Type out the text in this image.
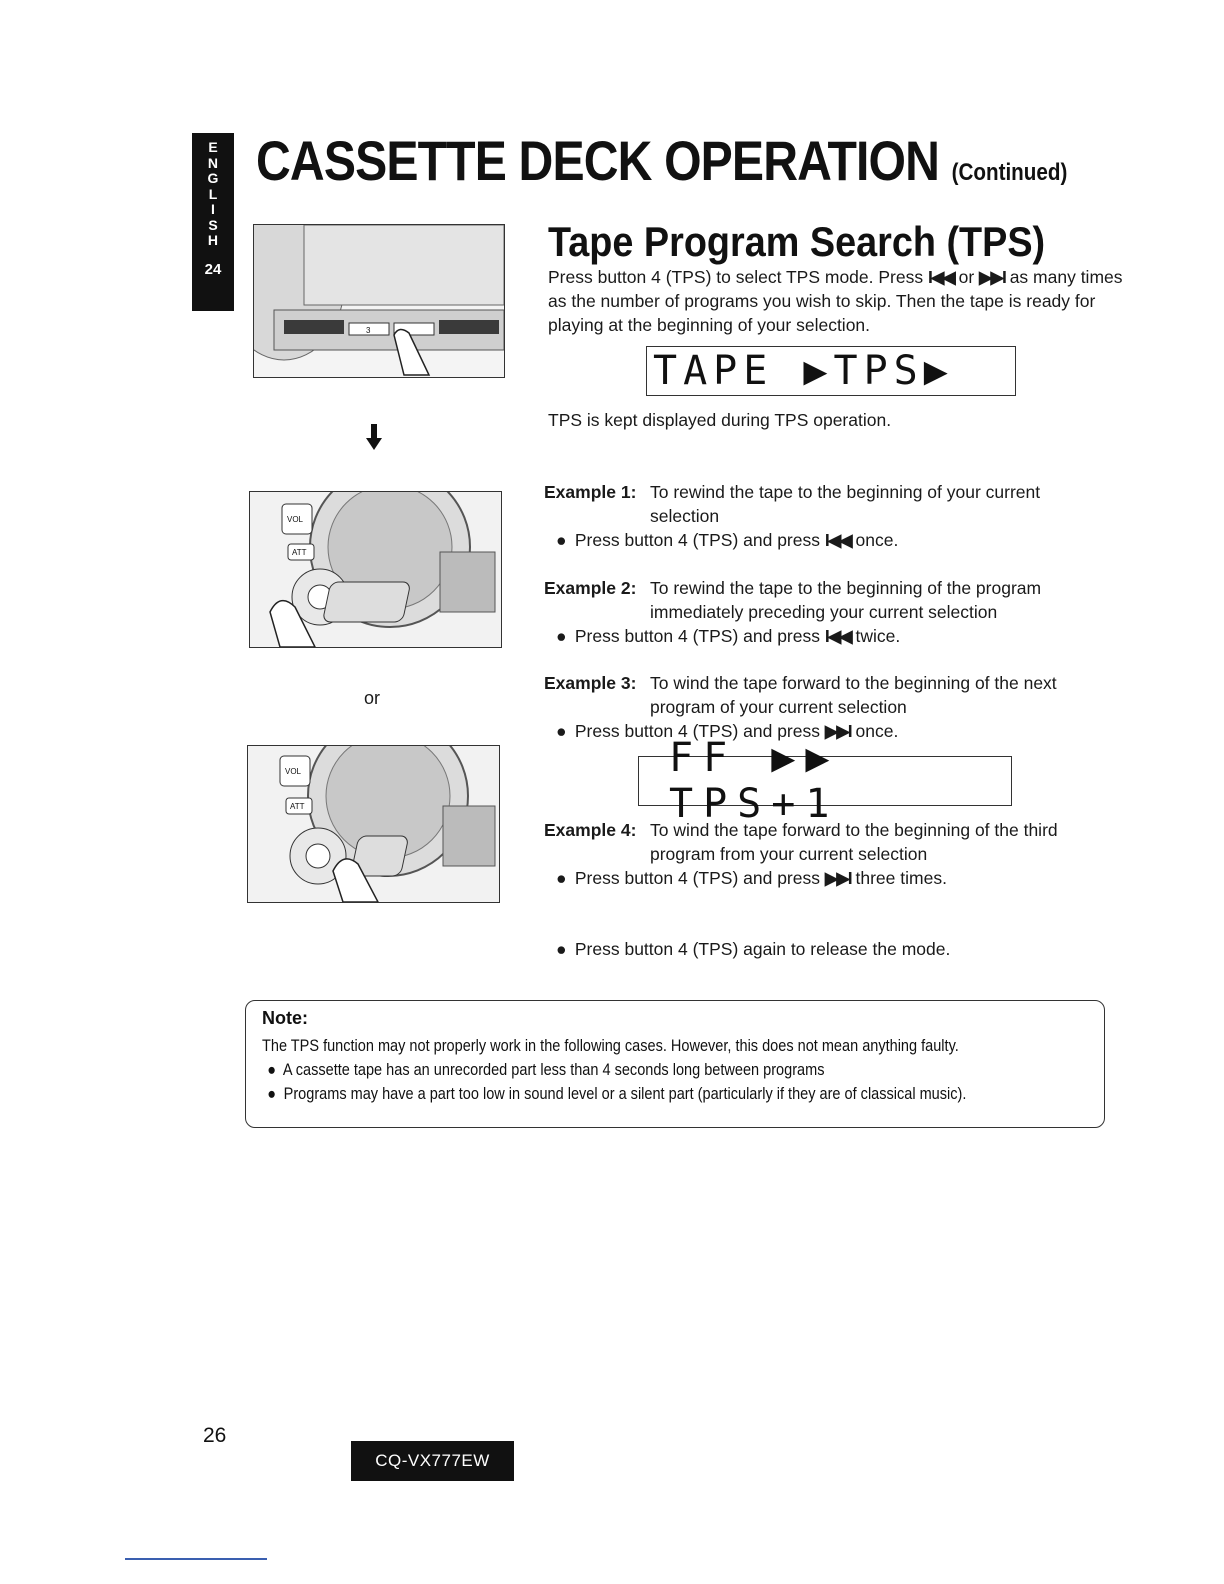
E
N
G
L
I
S
H
24
CASSETTE DECK OPERATION (Continued)
3
VOL
ATT
or
VOL
ATT
Tape Program Search (TPS)
Press button 4 (TPS) to select TPS mode. Press I◀◀ or ▶▶I as many times as the number of programs you wish to skip. Then the tape is ready for playing at the beginning of your selection.
TAPE ▶TPS▶
TPS is kept displayed during TPS operation.
Example 1: To rewind the tape to the beginning of your current
selection
● Press button 4 (TPS) and press I◀◀ once.
Example 2: To rewind the tape to the beginning of the program
immediately preceding your current selection
● Press button 4 (TPS) and press I◀◀ twice.
Example 3: To wind the tape forward to the beginning of the next
program of your current selection
● Press button 4 (TPS) and press ▶▶I once.
FF ▶▶ TPS+1
Example 4: To wind the tape forward to the beginning of the third
program from your current selection
● Press button 4 (TPS) and press ▶▶I three times.
● Press button 4 (TPS) again to release the mode.
Note:
The TPS function may not properly work in the following cases. However, this does not mean anything faulty.
● A cassette tape has an unrecorded part less than 4 seconds long between programs
● Programs may have a part too low in sound level or a silent part (particularly if they are of classical music).
26
CQ-VX777EW
